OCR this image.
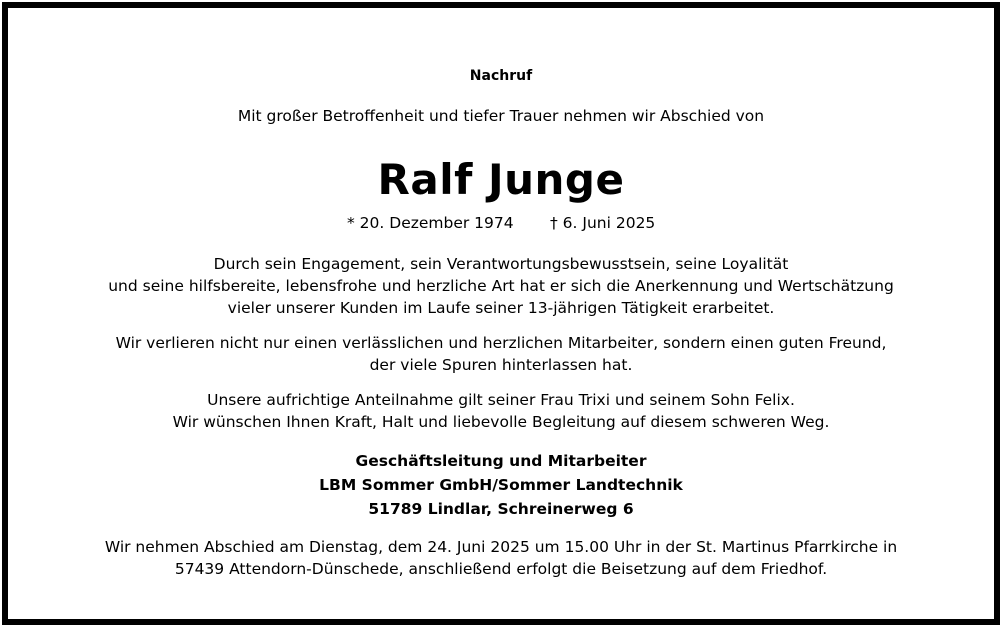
Nachruf
Mit großer Betroffenheit und tiefer Trauer nehmen wir Abschied von
Ralf Junge
* 20. Dezember 1974 † 6. Juni 2025
Durch sein Engagement, sein Verantwortungsbewusstsein, seine Loyalität
und seine hilfsbereite, lebensfrohe und herzliche Art hat er sich die Anerkennung und Wertschätzung
vieler unserer Kunden im Laufe seiner 13-jährigen Tätigkeit erarbeitet.
Wir verlieren nicht nur einen verlässlichen und herzlichen Mitarbeiter, sondern einen guten Freund,
der viele Spuren hinterlassen hat.
Unsere aufrichtige Anteilnahme gilt seiner Frau Trixi und seinem Sohn Felix.
Wir wünschen Ihnen Kraft, Halt und liebevolle Begleitung auf diesem schweren Weg.
Geschäftsleitung und Mitarbeiter
LBM Sommer GmbH/Sommer Landtechnik
51789 Lindlar, Schreinerweg 6
Wir nehmen Abschied am Dienstag, dem 24. Juni 2025 um 15.00 Uhr in der St. Martinus Pfarrkirche in
57439 Attendorn-Dünschede, anschließend erfolgt die Beisetzung auf dem Friedhof.
